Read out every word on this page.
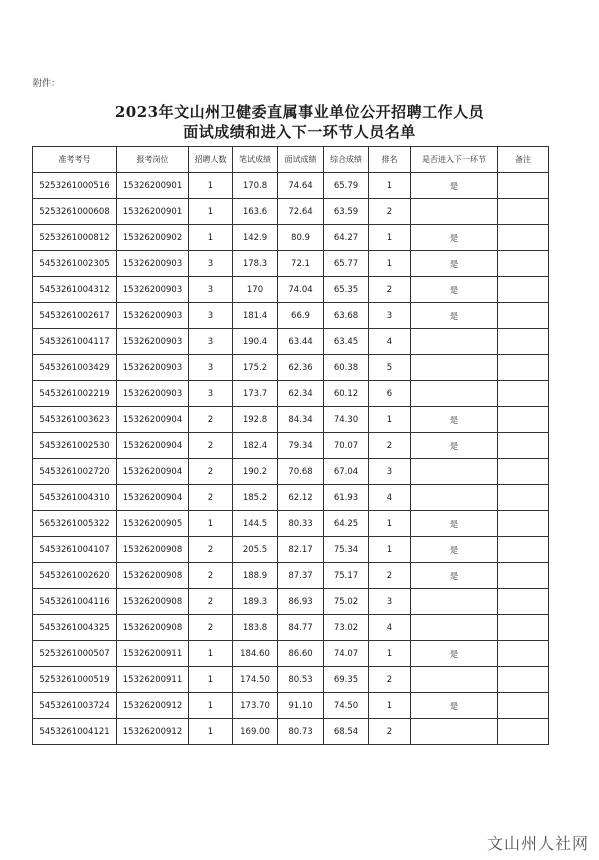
附件：
2023年文山州卫健委直属事业单位公开招聘工作人员
面试成绩和进入下一环节人员名单
准考考号	报考岗位	招聘人数	笔试成绩	面试成绩	综合成绩	排名	是否进入下一环节	备注
5253261000516	15326200901	1	170.8	74.64	65.79	1	是	
5253261000608	15326200901	1	163.6	72.64	63.59	2		
5253261000812	15326200902	1	142.9	80.9	64.27	1	是	
5453261002305	15326200903	3	178.3	72.1	65.77	1	是	
5453261004312	15326200903	3	170	74.04	65.35	2	是	
5453261002617	15326200903	3	181.4	66.9	63.68	3	是	
5453261004117	15326200903	3	190.4	63.44	63.45	4		
5453261003429	15326200903	3	175.2	62.36	60.38	5		
5453261002219	15326200903	3	173.7	62.34	60.12	6		
5453261003623	15326200904	2	192.8	84.34	74.30	1	是	
5453261002530	15326200904	2	182.4	79.34	70.07	2	是	
5453261002720	15326200904	2	190.2	70.68	67.04	3		
5453261004310	15326200904	2	185.2	62.12	61.93	4		
5653261005322	15326200905	1	144.5	80.33	64.25	1	是	
5453261004107	15326200908	2	205.5	82.17	75.34	1	是	
5453261002620	15326200908	2	188.9	87.37	75.17	2	是	
5453261004116	15326200908	2	189.3	86.93	75.02	3		
5453261004325	15326200908	2	183.8	84.77	73.02	4		
5253261000507	15326200911	1	184.60	86.60	74.07	1	是	
5253261000519	15326200911	1	174.50	80.53	69.35	2		
5453261003724	15326200912	1	173.70	91.10	74.50	1	是	
5453261004121	15326200912	1	169.00	80.73	68.54	2		
文山州人社网
